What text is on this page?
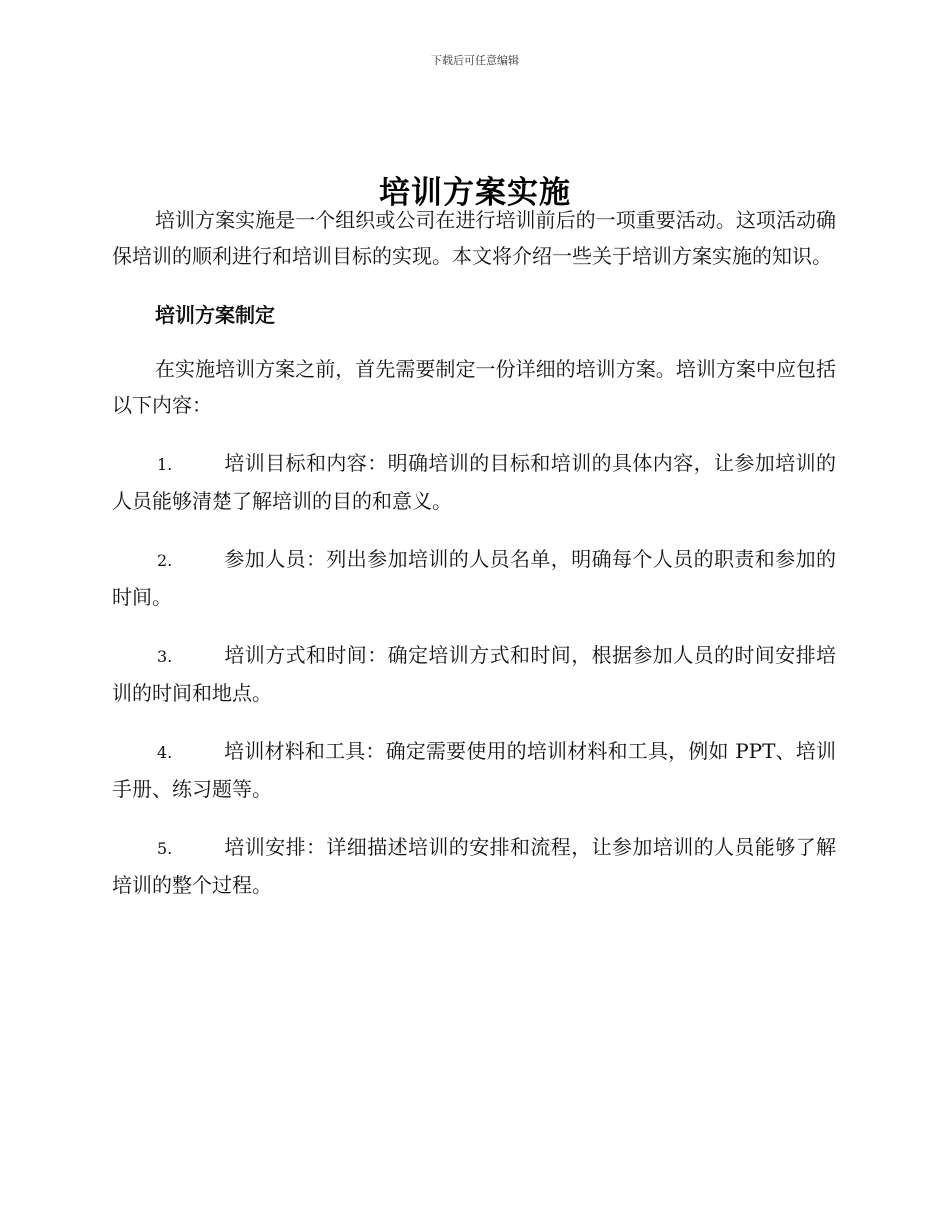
下载后可任意编辑
培训方案实施

培训方案实施是一个组织或公司在进行培训前后的一项重要活动。这项活动确保培训的顺利进行和培训目标的实现。本文将介绍一些关于培训方案实施的知识。

培训方案制定

在实施培训方案之前，首先需要制定一份详细的培训方案。培训方案中应包括以下内容：

1.	培训目标和内容：明确培训的目标和培训的具体内容，让参加培训的人员能够清楚了解培训的目的和意义。

2.	参加人员：列出参加培训的人员名单，明确每个人员的职责和参加的时间。

3.	培训方式和时间：确定培训方式和时间，根据参加人员的时间安排培训的时间和地点。

4.	培训材料和工具：确定需要使用的培训材料和工具，例如 PPT、培训手册、练习题等。

5.	培训安排：详细描述培训的安排和流程，让参加培训的人员能够了解培训的整个过程。
